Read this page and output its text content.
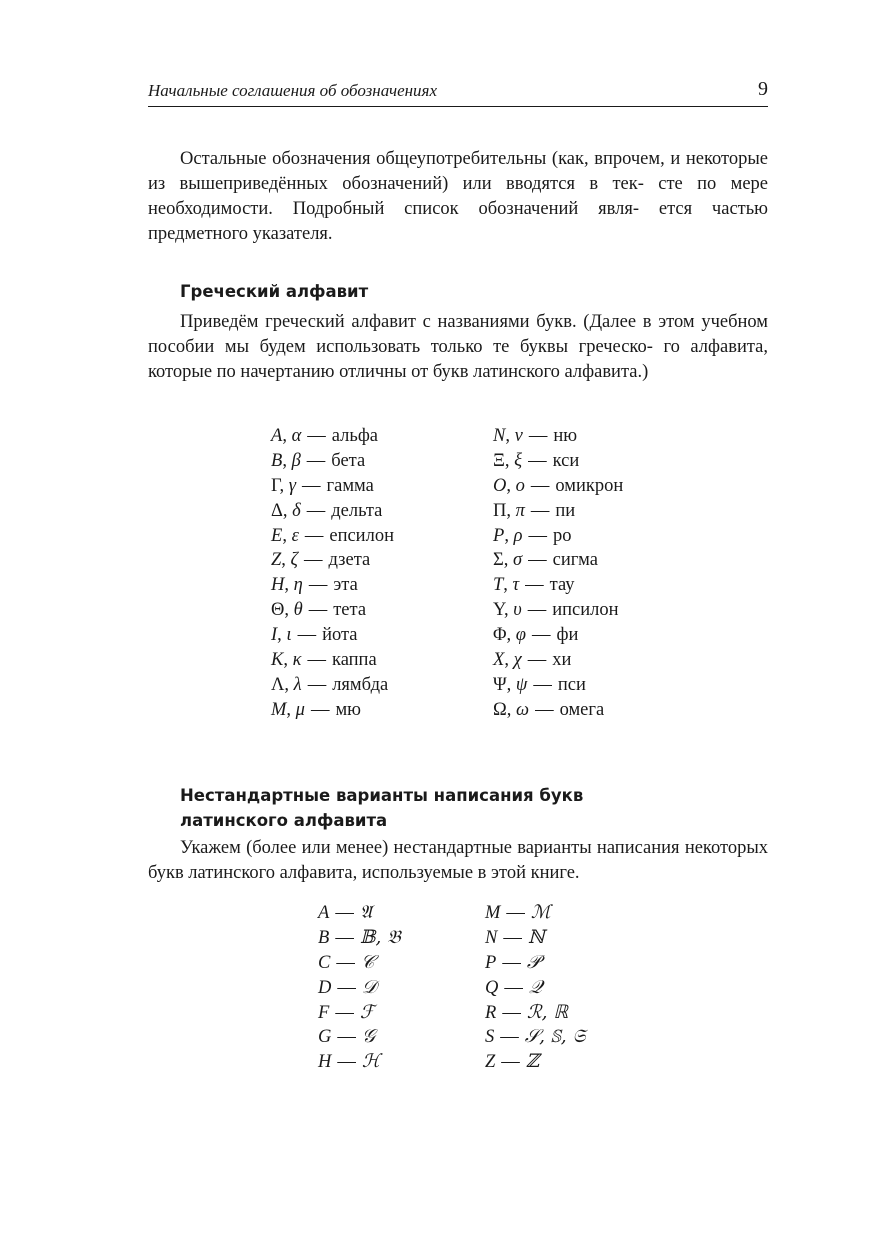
Начальные соглашения об обозначениях	9

Остальные обозначения общеупотребительны (как, впрочем, и некоторые из вышеприведённых обозначений) или вводятся в тек- сте по мере необходимости. Подробный список обозначений явля- ется частью предметного указателя.

Греческий алфавит

Приведём греческий алфавит с названиями букв. (Далее в этом учебном пособии мы будем использовать только те буквы греческо- го алфавита, которые по начертанию отличны от букв латинского алфавита.)

A, α — альфа
B, β — бета
Γ, γ — гамма
Δ, δ — дельта
E, ε — епсилон
Z, ζ — дзета
H, η — эта
Θ, θ — тета
I, ι — йота
K, κ — каппа
Λ, λ — лямбда
M, μ — мю
N, ν — ню
Ξ, ξ — кси
O, o — омикрон
Π, π — пи
P, ρ — ро
Σ, σ — сигма
T, τ — тау
Υ, υ — ипсилон
Φ, φ — фи
X, χ — хи
Ψ, ψ — пси
Ω, ω — омега
Нестандартные варианты написания букв
латинского алфавита

Укажем (более или менее) нестандартные варианты написания некоторых букв латинского алфавита, используемые в этой книге.

A — 𝔄
B — 𝔹, 𝔅
C — 𝒞
D — 𝒟
F — ℱ
G — 𝒢
H — ℋ
M — ℳ
N — ℕ
P — 𝒫
Q — 𝒬
R — ℛ, ℝ
S — 𝒮, 𝕊, 𝔖
Z — ℤ
